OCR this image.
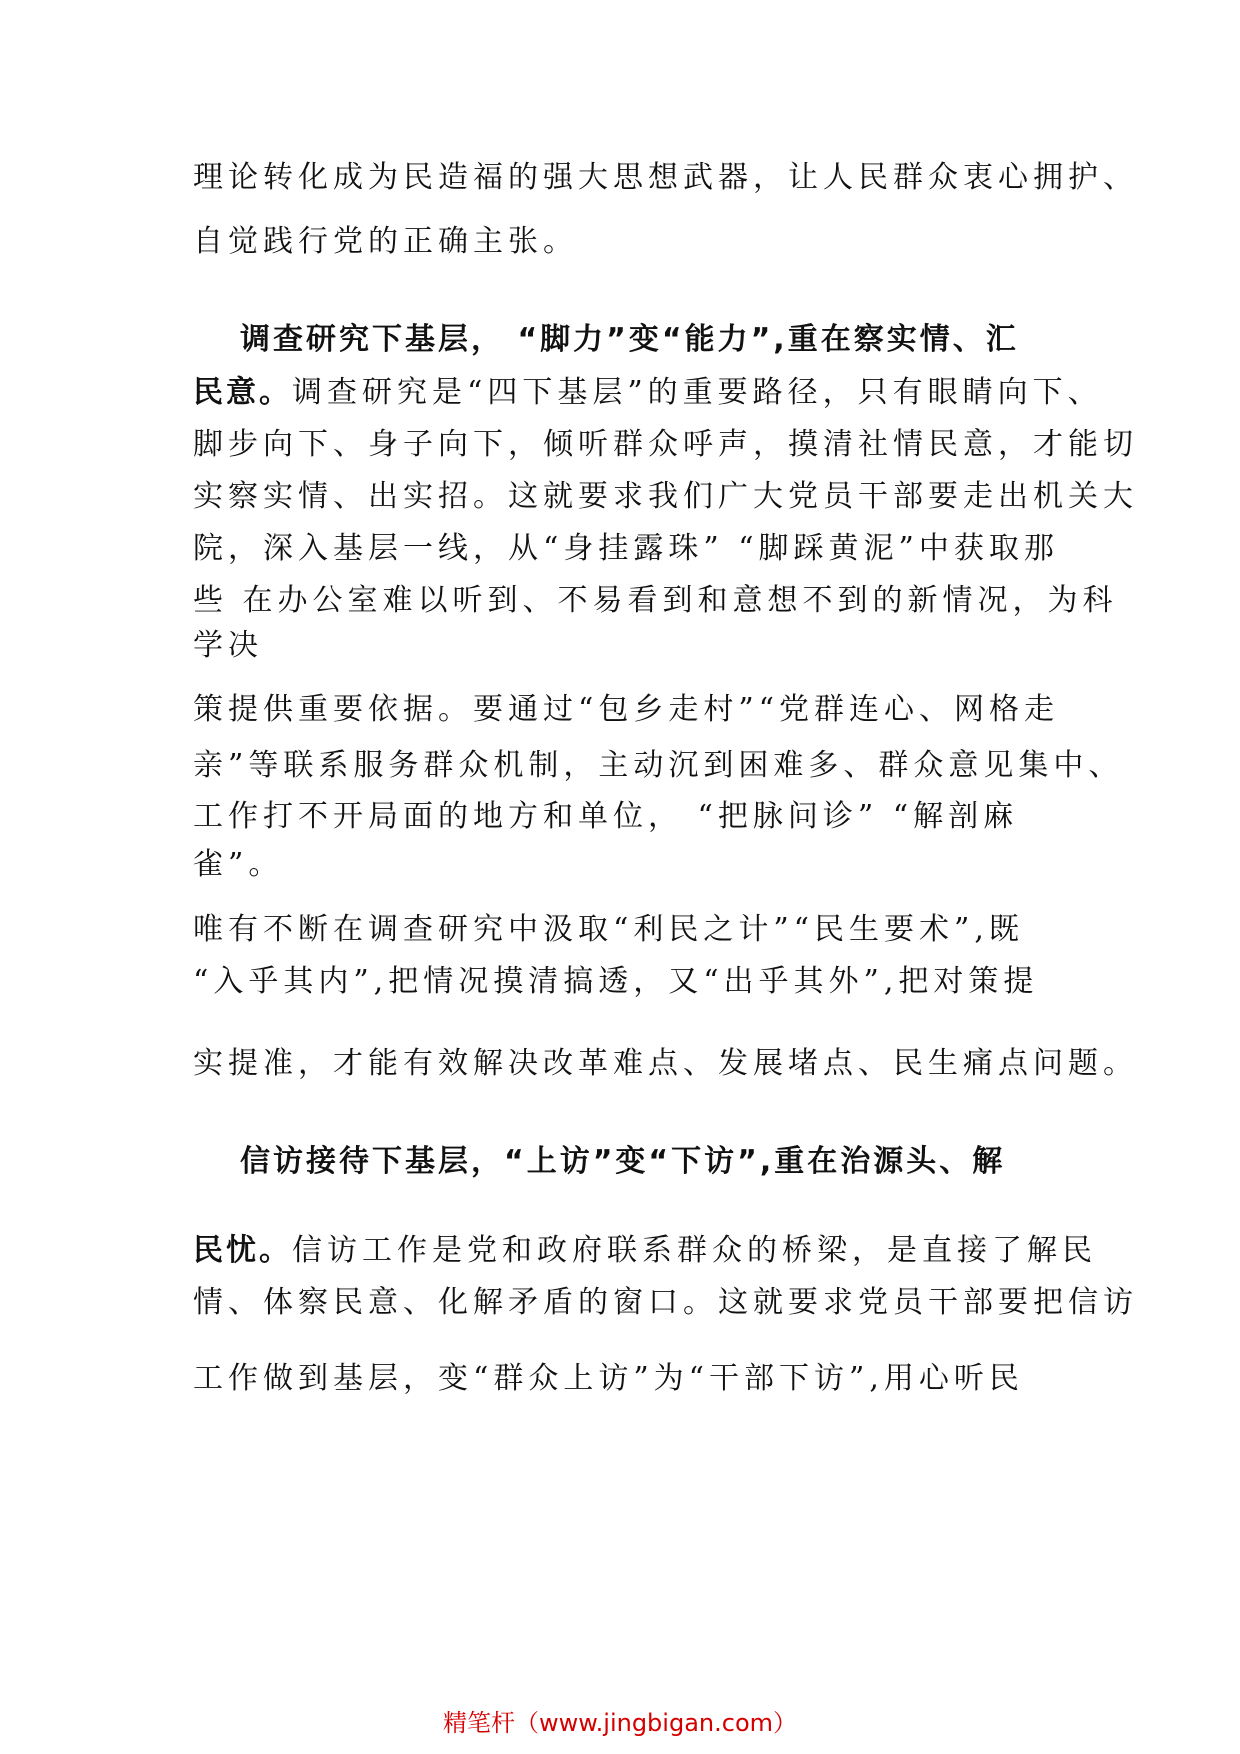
理论转化成为民造福的强大思想武器，让人民群众衷心拥护、
自觉践行党的正确主张。
调查研究下基层， “脚力”变“能力”,重在察实情、汇
民意。调查研究是“四下基层”的重要路径，只有眼睛向下、
脚步向下、身子向下，倾听群众呼声，摸清社情民意，才能切
实察实情、出实招。这就要求我们广大党员干部要走出机关大
院，深入基层一线，从“身挂露珠” “脚踩黄泥”中获取那
些 在办公室难以听到、不易看到和意想不到的新情况，为科
学决
策提供重要依据。要通过“包乡走村”“党群连心、网格走
亲”等联系服务群众机制，主动沉到困难多、群众意见集中、
工作打不开局面的地方和单位， “把脉问诊” “解剖麻
雀”。
唯有不断在调查研究中汲取“利民之计”“民生要术”,既
“入乎其内”,把情况摸清搞透，又“出乎其外”,把对策提
实提准，才能有效解决改革难点、发展堵点、民生痛点问题。
信访接待下基层，“上访”变“下访”,重在治源头、解
民忧。信访工作是党和政府联系群众的桥梁，是直接了解民
情、体察民意、化解矛盾的窗口。这就要求党员干部要把信访
工作做到基层，变“群众上访”为“干部下访”,用心听民
精笔杆（www.jingbigan.com）
